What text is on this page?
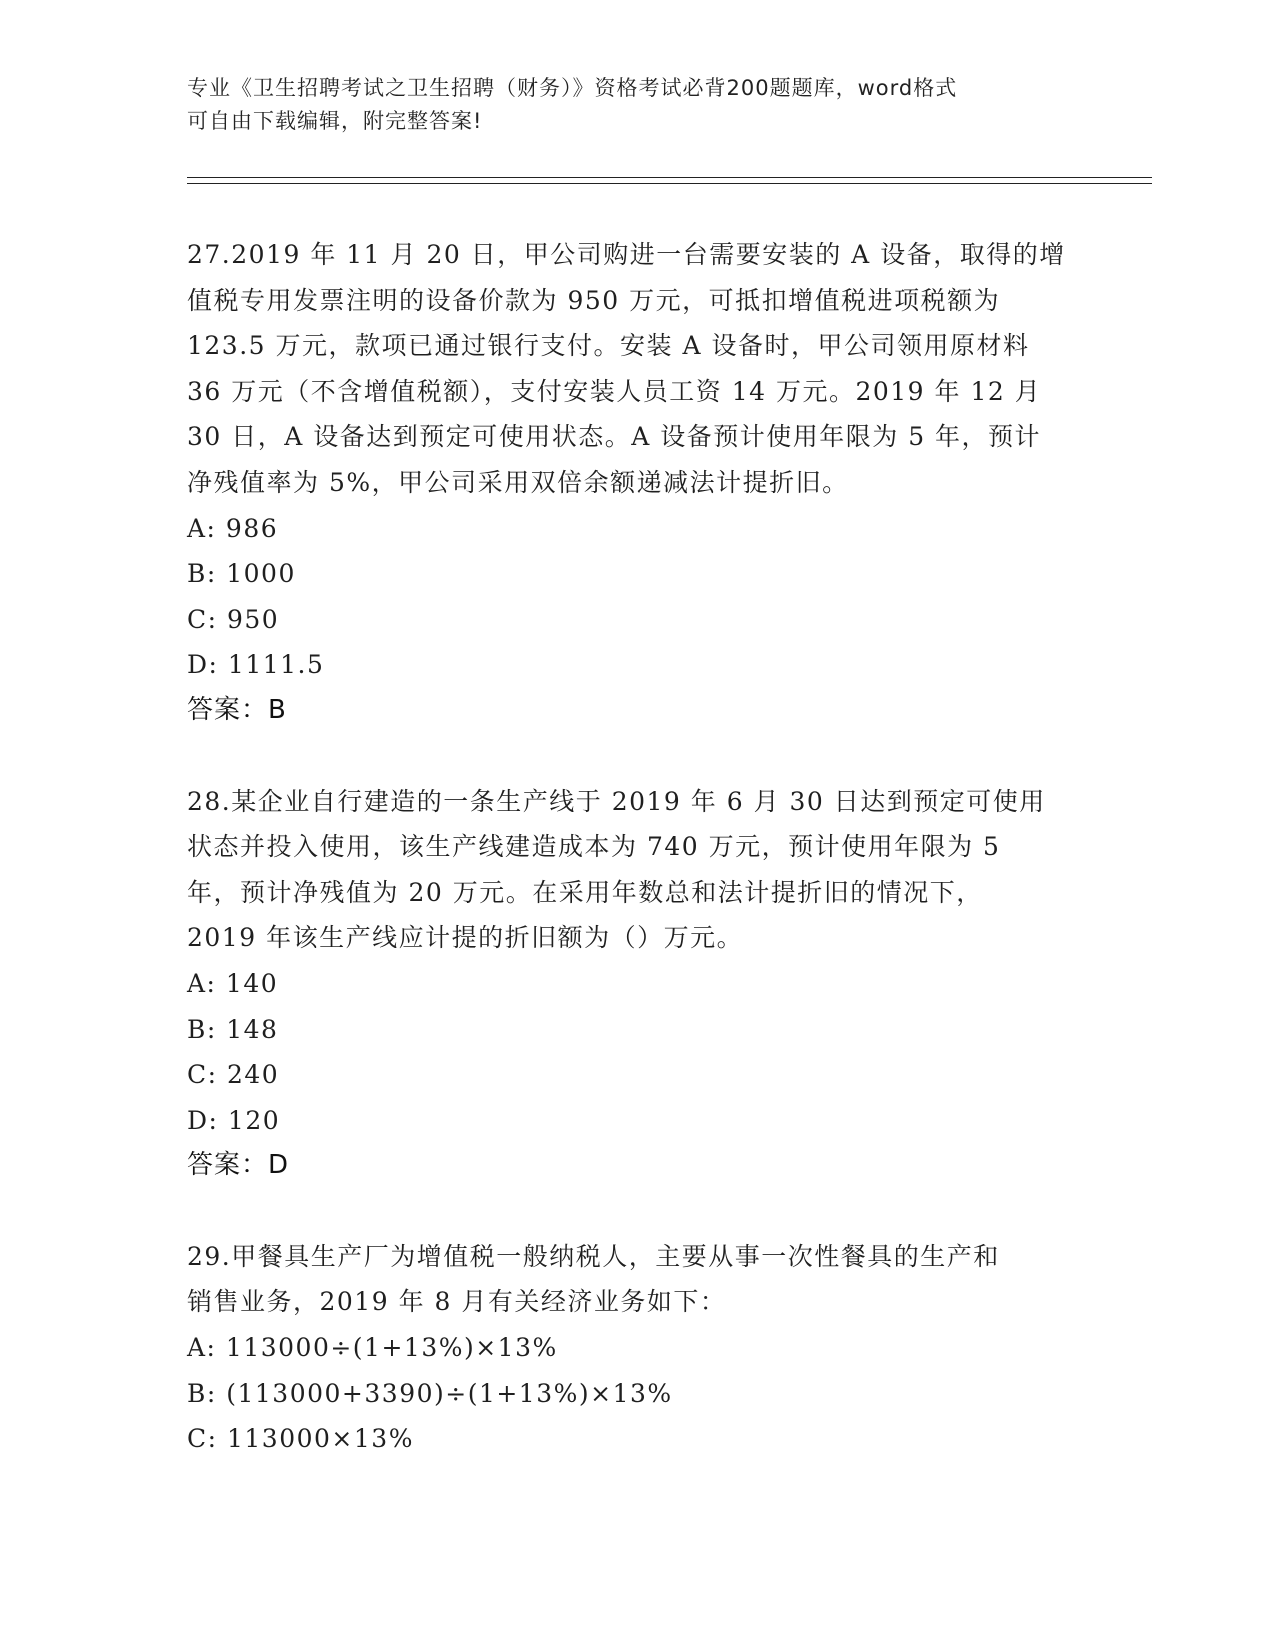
专业《卫生招聘考试之卫生招聘（财务）》资格考试必背200题题库，word格式
可自由下载编辑，附完整答案!
27.2019 年 11 月 20 日，甲公司购进一台需要安装的 A 设备，取得的增
值税专用发票注明的设备价款为 950 万元，可抵扣增值税进项税额为
123.5 万元，款项已通过银行支付。安装 A 设备时，甲公司领用原材料
36 万元（不含增值税额），支付安装人员工资 14 万元。2019 年 12 月
30 日，A 设备达到预定可使用状态。A 设备预计使用年限为 5 年，预计
净残值率为 5%，甲公司采用双倍余额递减法计提折旧。
A: 986
B: 1000
C: 950
D: 1111.5
答案：B
28.某企业自行建造的一条生产线于 2019 年 6 月 30 日达到预定可使用
状态并投入使用，该生产线建造成本为 740 万元，预计使用年限为 5
年，预计净残值为 20 万元。在采用年数总和法计提折旧的情况下，
2019 年该生产线应计提的折旧额为（）万元。
A: 140
B: 148
C: 240
D: 120
答案：D
29.甲餐具生产厂为增值税一般纳税人，主要从事一次性餐具的生产和
销售业务，2019 年 8 月有关经济业务如下：
A: 113000÷(1+13%)×13%
B: (113000+3390)÷(1+13%)×13%
C: 113000×13%
